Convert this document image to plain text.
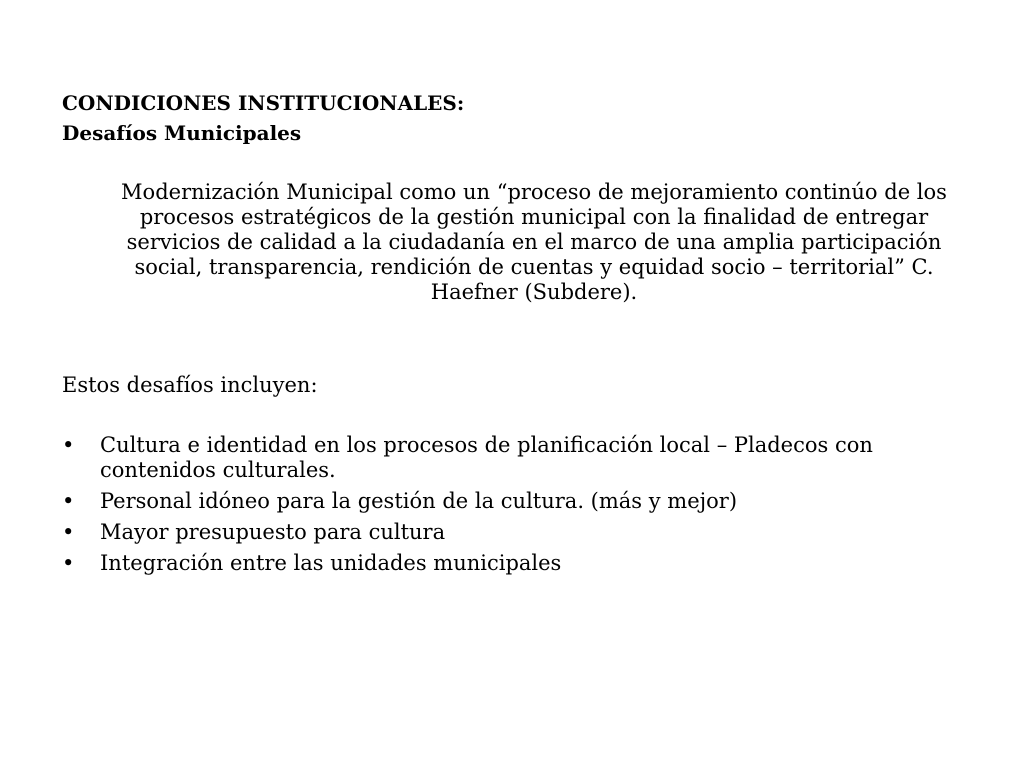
CONDICIONES INSTITUCIONALES:
Desafíos Municipales

Modernización Municipal como un “proceso de mejoramiento continúo de los procesos estratégicos de la gestión municipal con la finalidad de entregar servicios de calidad a la ciudadanía en el marco de una amplia participación social, transparencia, rendición de cuentas y equidad socio – territorial” C. Haefner (Subdere).

Estos desafíos incluyen:

•	Cultura e identidad en los procesos de planificación local – Pladecos con contenidos culturales.
•	Personal idóneo para la gestión de la cultura. (más y mejor)
•	Mayor presupuesto para cultura
•	Integración entre las unidades municipales
